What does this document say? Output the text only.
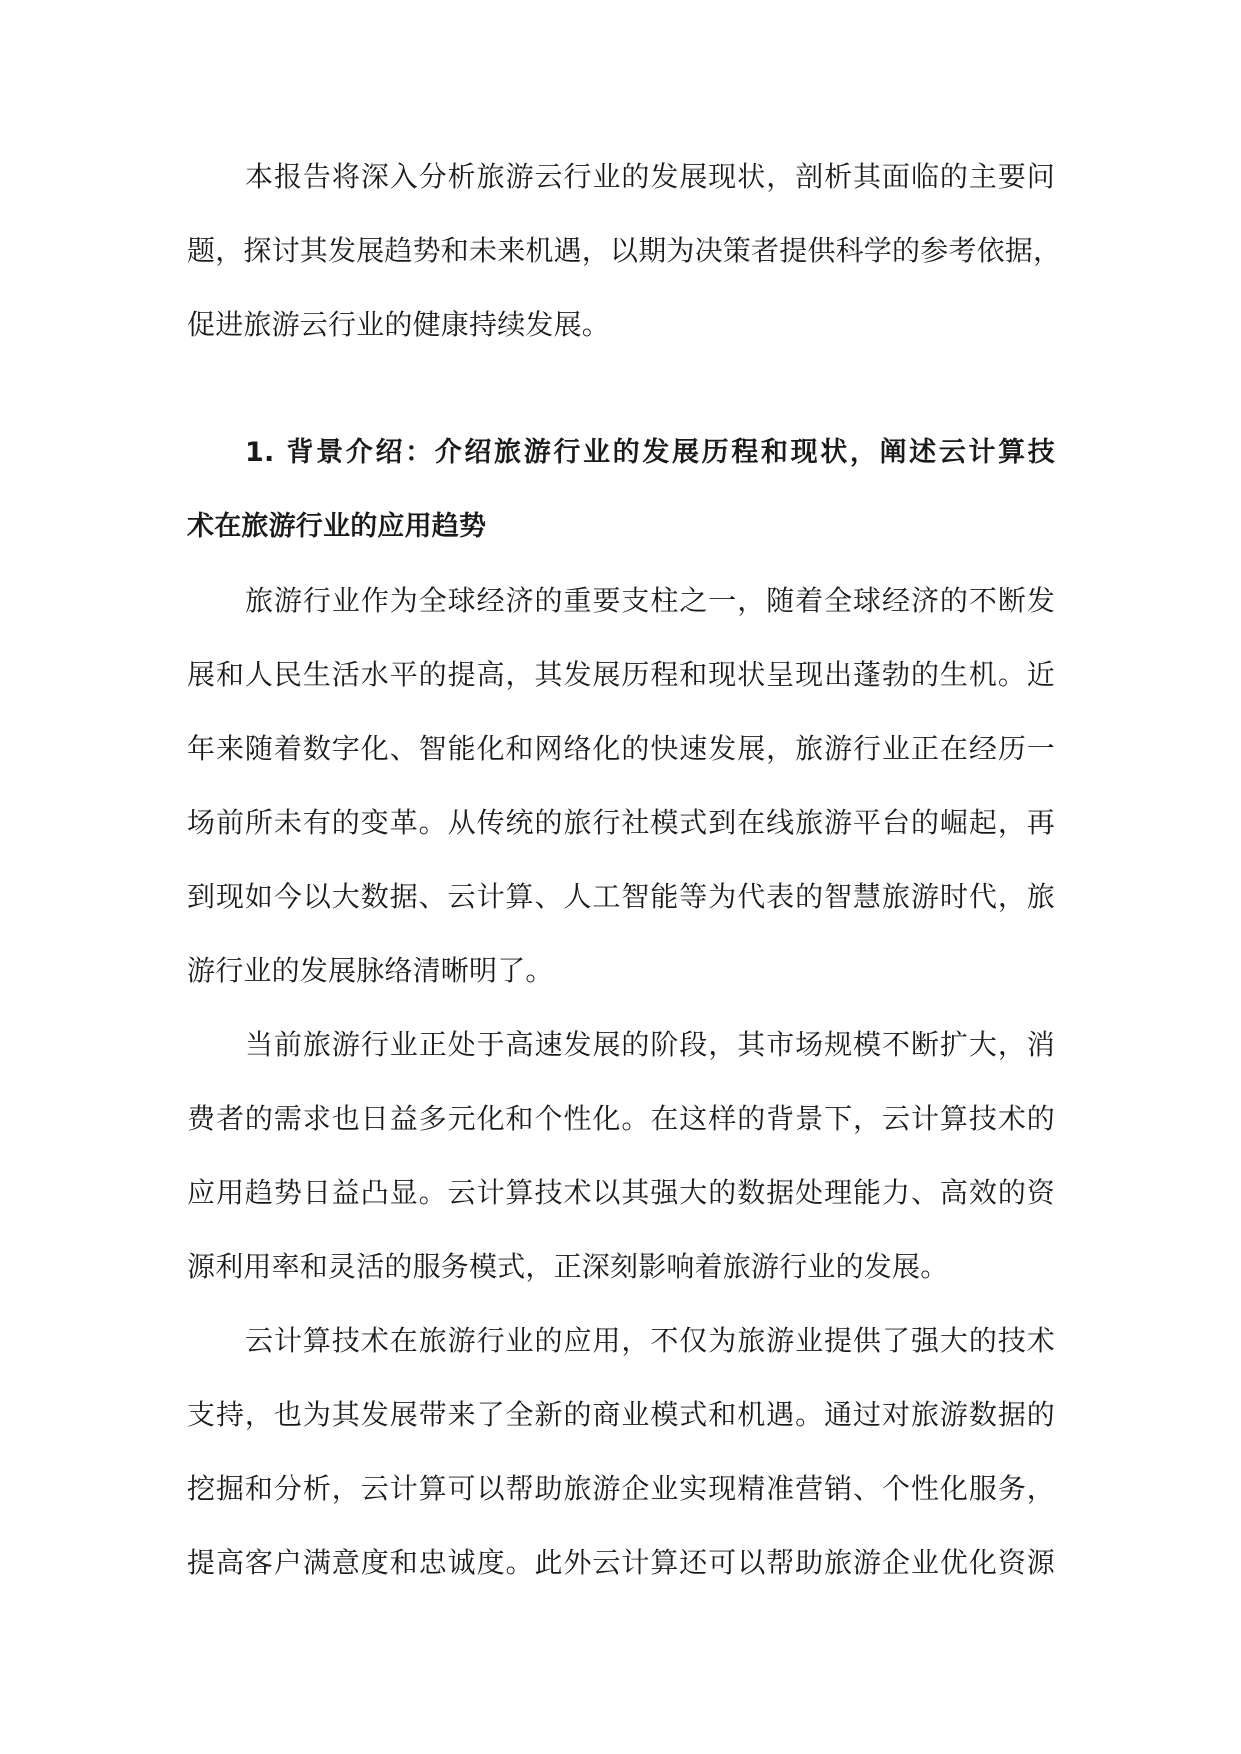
本报告将深入分析旅游云行业的发展现状，剖析其面临的主要问
题，探讨其发展趋势和未来机遇，以期为决策者提供科学的参考依据，
促进旅游云行业的健康持续发展。
1. 背景介绍：介绍旅游行业的发展历程和现状，阐述云计算技
术在旅游行业的应用趋势
旅游行业作为全球经济的重要支柱之一，随着全球经济的不断发
展和人民生活水平的提高，其发展历程和现状呈现出蓬勃的生机。近
年来随着数字化、智能化和网络化的快速发展，旅游行业正在经历一
场前所未有的变革。从传统的旅行社模式到在线旅游平台的崛起，再
到现如今以大数据、云计算、人工智能等为代表的智慧旅游时代，旅
游行业的发展脉络清晰明了。
当前旅游行业正处于高速发展的阶段，其市场规模不断扩大，消
费者的需求也日益多元化和个性化。在这样的背景下，云计算技术的
应用趋势日益凸显。云计算技术以其强大的数据处理能力、高效的资
源利用率和灵活的服务模式，正深刻影响着旅游行业的发展。
云计算技术在旅游行业的应用，不仅为旅游业提供了强大的技术
支持，也为其发展带来了全新的商业模式和机遇。通过对旅游数据的
挖掘和分析，云计算可以帮助旅游企业实现精准营销、个性化服务，
提高客户满意度和忠诚度。此外云计算还可以帮助旅游企业优化资源
